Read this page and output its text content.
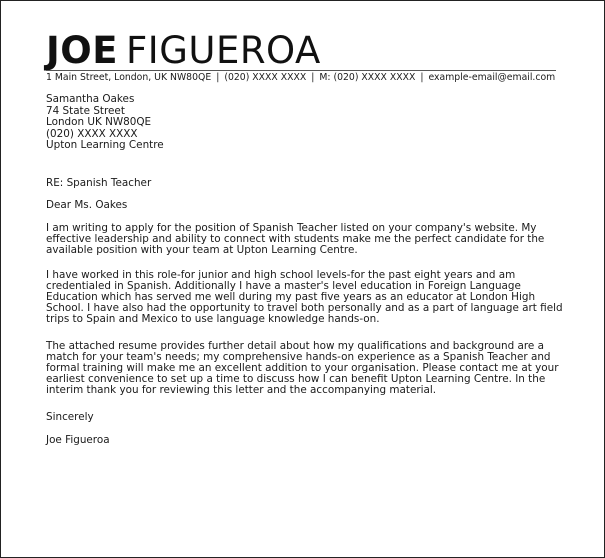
JOE FIGUEROA
1 Main Street, London, UK NW80QE | (020) XXXX XXXX | M: (020) XXXX XXXX | example-email@email.com
Samantha Oakes
74 State Street
London UK NW80QE
(020) XXXX XXXX
Upton Learning Centre
RE: Spanish Teacher
Dear Ms. Oakes
I am writing to apply for the position of Spanish Teacher listed on your company's website. My effective leadership and ability to connect with students make me the perfect candidate for the available position with your team at Upton Learning Centre.
I have worked in this role-for junior and high school levels-for the past eight years and am credentialed in Spanish. Additionally I have a master's level education in Foreign Language Education which has served me well during my past five years as an educator at London High School. I have also had the opportunity to travel both personally and as a part of language art field trips to Spain and Mexico to use language knowledge hands-on.
The attached resume provides further detail about how my qualifications and background are a match for your team's needs; my comprehensive hands-on experience as a Spanish Teacher and formal training will make me an excellent addition to your organisation. Please contact me at your earliest convenience to set up a time to discuss how I can benefit Upton Learning Centre. In the interim thank you for reviewing this letter and the accompanying material.
Sincerely
Joe Figueroa
